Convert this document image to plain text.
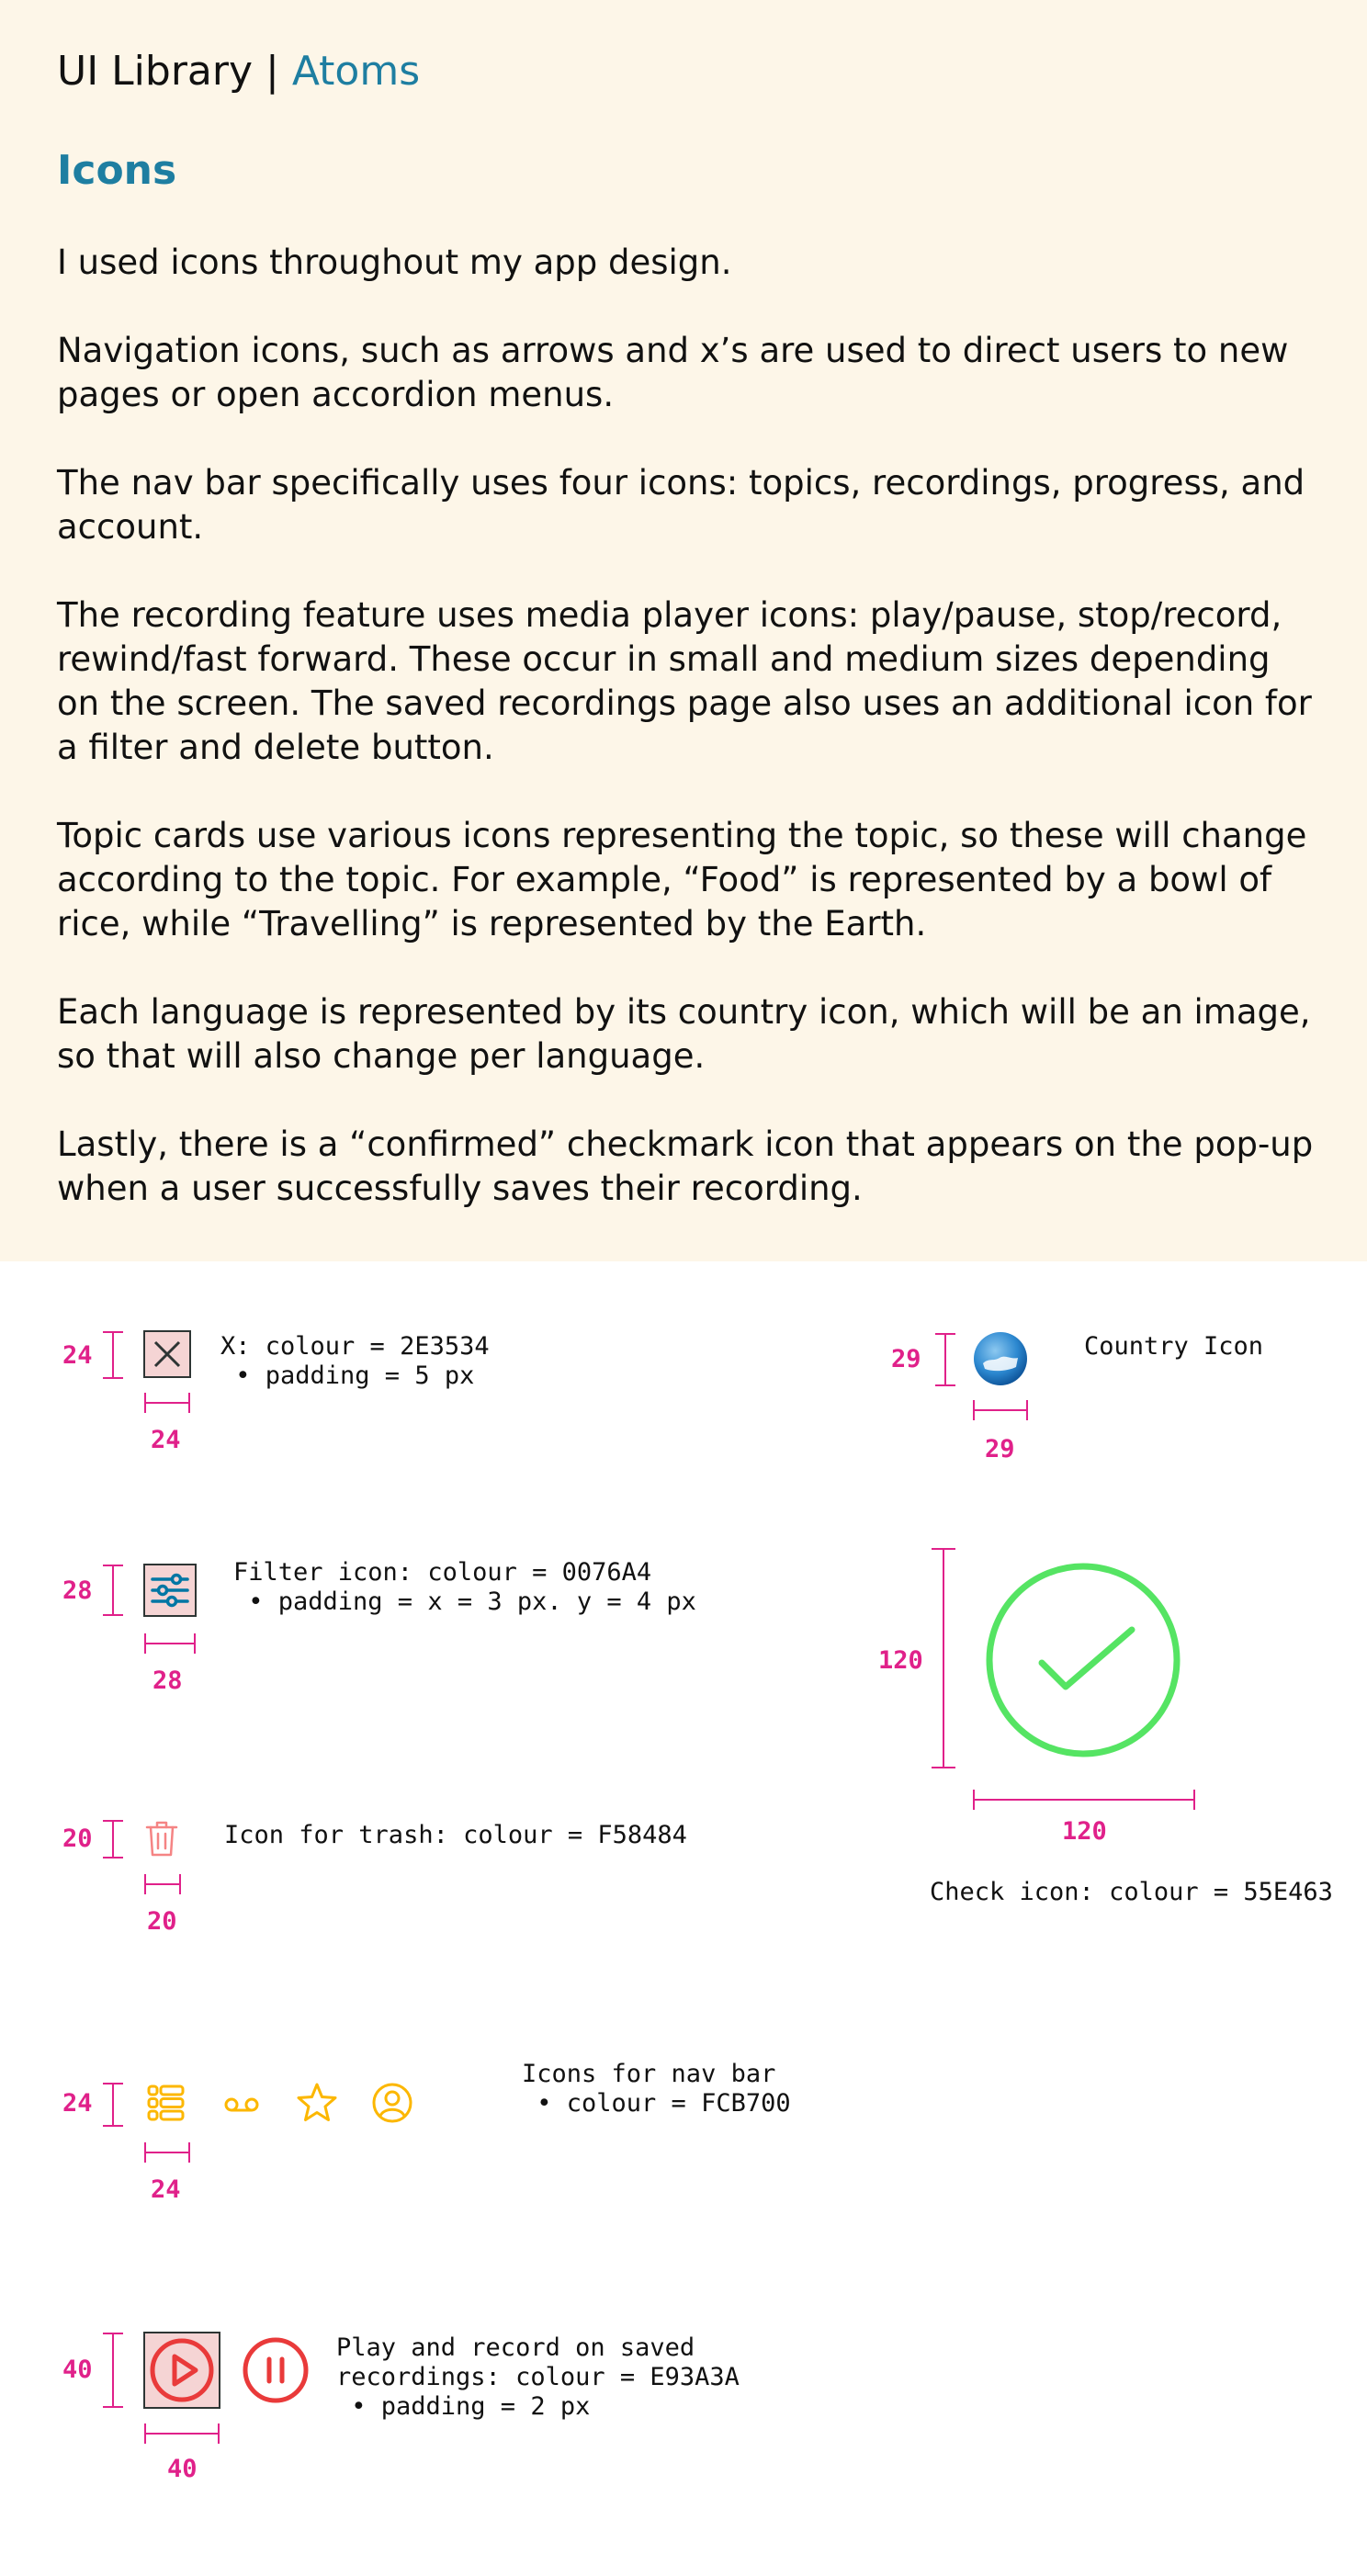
UI Library | Atoms
Icons

I used icons throughout my app design.

Navigation icons, such as arrows and x’s are used to direct users to new pages or open accordion menus.

The nav bar specifically uses four icons: topics, recordings, progress, and account.

The recording feature uses media player icons: play/pause, stop/record, rewind/fast forward. These occur in small and medium sizes depending on the screen. The saved recordings page also uses an additional icon for a filter and delete button.

Topic cards use various icons representing the topic, so these will change according to the topic. For example, “Food” is represented by a bowl of rice, while “Travelling” is represented by the Earth.

Each language is represented by its country icon, which will be an image, so that will also change per language.

Lastly, there is a “confirmed” checkmark icon that appears on the pop-up when a user successfully saves their recording.

24
24
X: colour = 2E3534
• padding = 5 px
28
28
Filter icon: colour = 0076A4
• padding = x = 3 px. y = 4 px
20
20
Icon for trash: colour = F58484
24
24
Icons for nav bar
• colour = FCB700
40
40
Play and record on saved
recordings: colour = E93A3A
• padding = 2 px
29
29
Country Icon
120
120
Check icon: colour = 55E463
